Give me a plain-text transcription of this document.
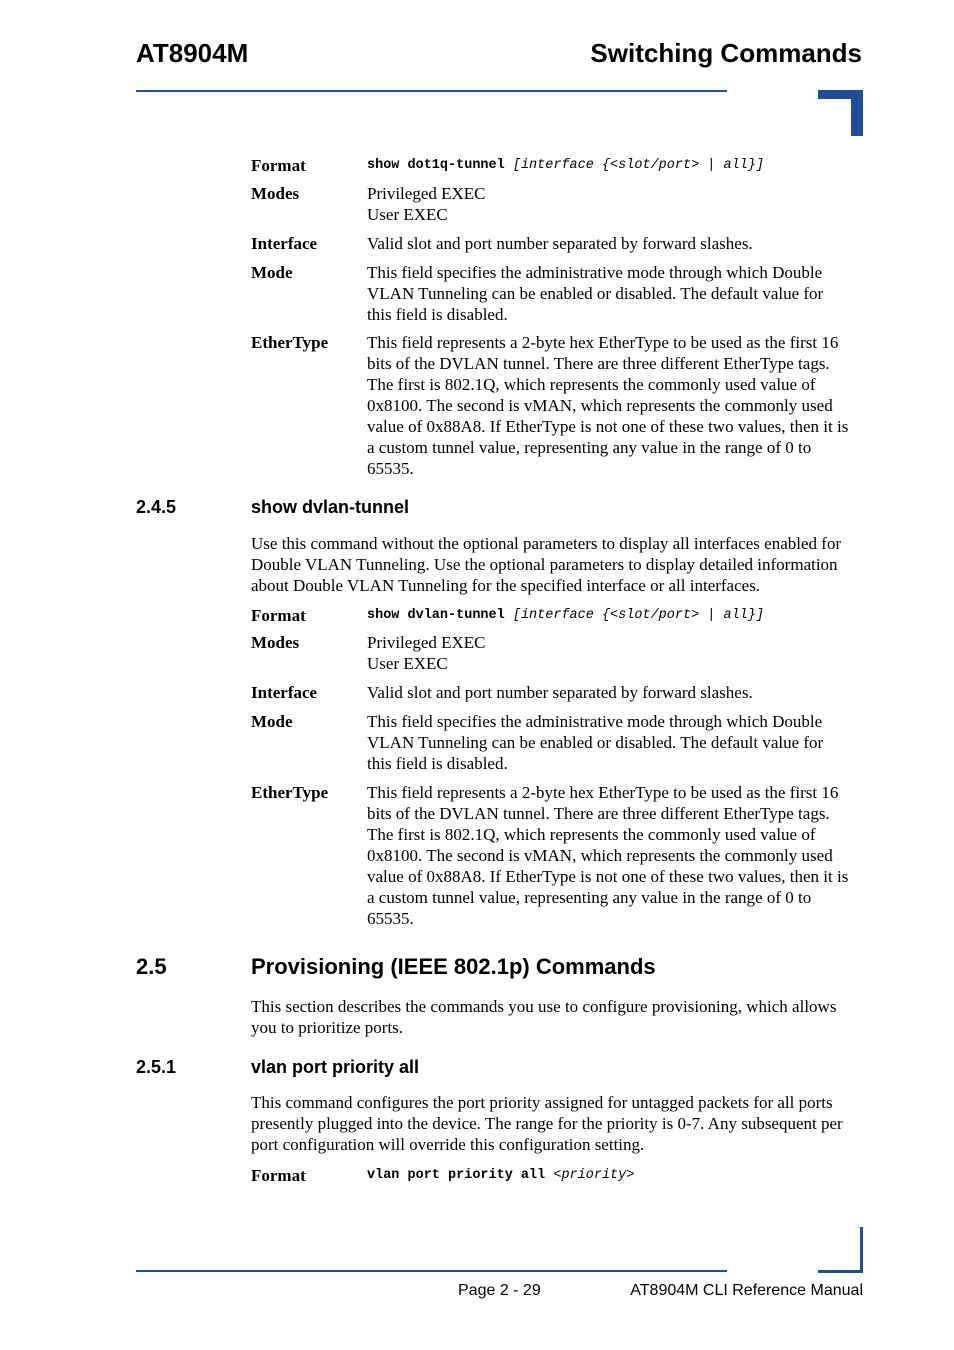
AT8904M	Switching Commands
Format	show dot1q-tunnel [interface {<slot/port> | all}]
Modes	Privileged EXEC
User EXEC
Interface	Valid slot and port number separated by forward slashes.
Mode	This field specifies the administrative mode through which Double
VLAN Tunneling can be enabled or disabled. The default value for
this field is disabled.
EtherType This field represents a 2-byte hex EtherType to be used as the first 16
bits of the DVLAN tunnel. There are three different EtherType tags.
The first is 802.1Q, which represents the commonly used value of
0x8100. The second is vMAN, which represents the commonly used
value of 0x88A8. If EtherType is not one of these two values, then it is
a custom tunnel value, representing any value in the range of 0 to
65535.
2.4.5	show dvlan-tunnel
Use this command without the optional parameters to display all interfaces enabled for
Double VLAN Tunneling. Use the optional parameters to display detailed information
about Double VLAN Tunneling for the specified interface or all interfaces.
Format	show dvlan-tunnel [interface {<slot/port> | all}]
Modes	Privileged EXEC
User EXEC
Interface	Valid slot and port number separated by forward slashes.
Mode	This field specifies the administrative mode through which Double
VLAN Tunneling can be enabled or disabled. The default value for
this field is disabled.
EtherType This field represents a 2-byte hex EtherType to be used as the first 16
bits of the DVLAN tunnel. There are three different EtherType tags.
The first is 802.1Q, which represents the commonly used value of
0x8100. The second is vMAN, which represents the commonly used
value of 0x88A8. If EtherType is not one of these two values, then it is
a custom tunnel value, representing any value in the range of 0 to
65535.
2.5	Provisioning (IEEE 802.1p) Commands
This section describes the commands you use to configure provisioning, which allows
you to prioritize ports.
2.5.1	vlan port priority all
This command configures the port priority assigned for untagged packets for all ports
presently plugged into the device. The range for the priority is 0-7. Any subsequent per
port configuration will override this configuration setting.
Format	vlan port priority all <priority>
Page 2 - 29	AT8904M CLI Reference Manual
